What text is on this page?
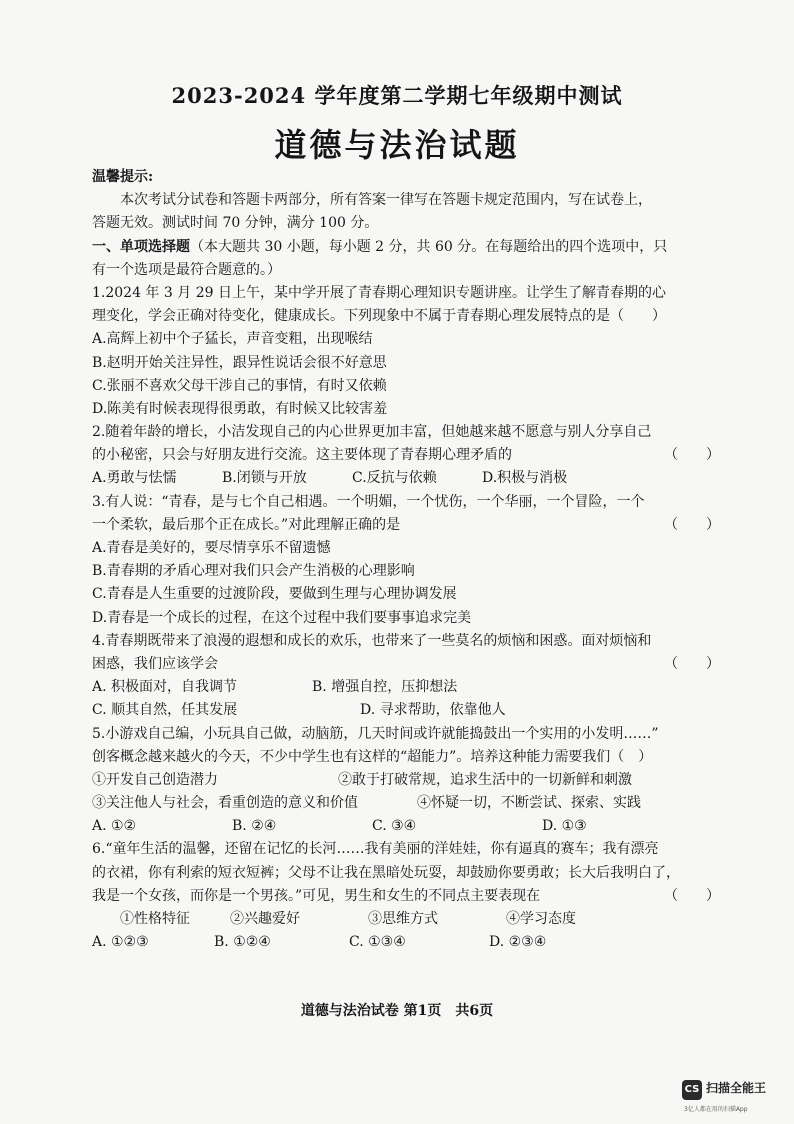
2023-2024 学年度第二学期七年级期中测试
道德与法治试题
温馨提示:
本次考试分试卷和答题卡两部分，所有答案一律写在答题卡规定范围内，写在试卷上，
答题无效。测试时间 70 分钟，满分 100 分。
一、单项选择题（本大题共 30 小题，每小题 2 分，共 60 分。在每题给出的四个选项中，只
有一个选项是最符合题意的。）
1.2024 年 3 月 29 日上午，某中学开展了青春期心理知识专题讲座。让学生了解青春期的心
理变化，学会正确对待变化，健康成长。下列现象中不属于青春期心理发展特点的是（　　）
A.高辉上初中个子猛长，声音变粗，出现喉结
B.赵明开始关注异性，跟异性说话会很不好意思
C.张丽不喜欢父母干涉自己的事情，有时又依赖
D.陈美有时候表现得很勇敢，有时候又比较害羞
2.随着年龄的增长，小洁发现自己的内心世界更加丰富，但她越来越不愿意与别人分享自己
的小秘密，只会与好朋友进行交流。这主要体现了青春期心理矛盾的	（　　）
A.勇敢与怯懦	B.闭锁与开放	C.反抗与依赖	D.积极与消极
3.有人说：“青春，是与七个自己相遇。一个明媚，一个忧伤，一个华丽，一个冒险，一个
一个柔软，最后那个正在成长。”对此理解正确的是	（　　）
A.青春是美好的，要尽情享乐不留遗憾
B.青春期的矛盾心理对我们只会产生消极的心理影响
C.青春是人生重要的过渡阶段，要做到生理与心理协调发展
D.青春是一个成长的过程，在这个过程中我们要事事追求完美
4.青春期既带来了浪漫的遐想和成长的欢乐，也带来了一些莫名的烦恼和困惑。面对烦恼和
困惑，我们应该学会	（　　）
A. 积极面对，自我调节	B. 增强自控，压抑想法
C. 顺其自然，任其发展	D. 寻求帮助，依靠他人
5.小游戏自己编，小玩具自己做，动脑筋，几天时间或许就能捣鼓出一个实用的小发明……”
创客概念越来越火的今天，不少中学生也有这样的“超能力”。培养这种能力需要我们（　）
①开发自己创造潜力	②敢于打破常规，追求生活中的一切新鲜和刺激
③关注他人与社会，看重创造的意义和价值	④怀疑一切，不断尝试、探索、实践
A. ①②	B. ②④	C. ③④	D. ①③
6.“童年生活的温馨，还留在记忆的长河……我有美丽的洋娃娃，你有逼真的赛车；我有漂亮
的衣裙，你有利索的短衣短裤；父母不让我在黑暗处玩耍，却鼓励你要勇敢；长大后我明白了，
我是一个女孩，而你是一个男孩。”可见，男生和女生的不同点主要表现在	（　　）
①性格特征	②兴趣爱好	③思维方式	④学习态度
A. ①②③	B. ①②④	C. ①③④	D. ②③④
道德与法治试卷 第1页　共6页
CS 扫描全能王
3亿人都在用的扫描App
